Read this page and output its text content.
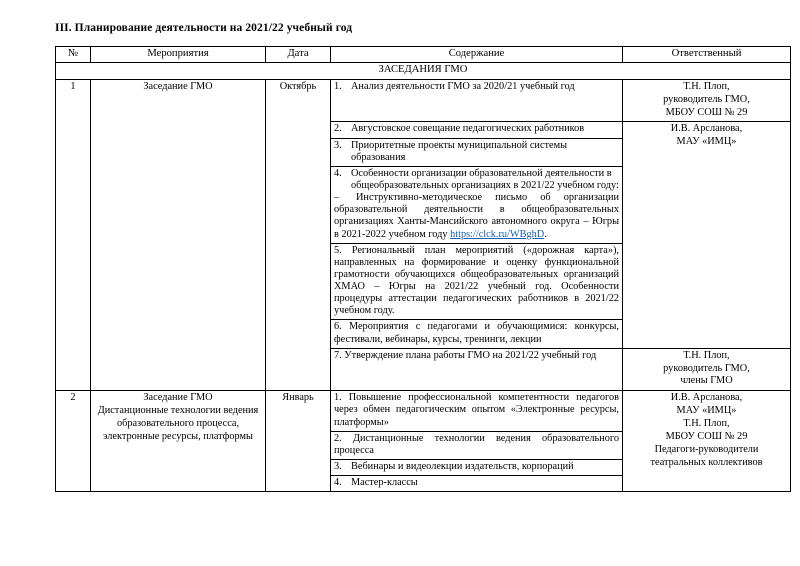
III. Планирование деятельности на 2021/22 учебный год
№	Мероприятия	Дата	Содержание	Ответственный
ЗАСЕДАНИЯ ГМО				
1	Заседание ГМО	Октябрь	1. Анализ деятельности ГМО за 2020/21 учебный год	Т.Н. Плоп,
руководитель ГМО,
МБОУ СОШ № 29

			2. Августовское совещание педагогических работников	И.В. Арсланова,
МАУ «ИМЦ»

			3. Приоритетные проекты муниципальной системы образования	

			4. Особенности организации образовательной деятельности в общеобразовательных организациях в 2021/22 учебном году:
– Инструктивно-методическое письмо об организации образовательной деятельности в общеобразовательных организациях Ханты-Мансийского автономного округа – Югры в 2021-2022 учебном году https://clck.ru/WBghD.	

			5. Региональный план мероприятий («дорожная карта»), направленных на формирование и оценку функциональной грамотности обучающихся общеобразовательных организаций ХМАО – Югры на 2021/22 учебный год. Особенности процедуры аттестации педагогических работников в 2021/22 учебном году.	

			6. Мероприятия с педагогами и обучающимися: конкурсы, фестивали, вебинары, курсы, тренинги, лекции	

			7. Утверждение плана работы ГМО на 2021/22 учебный год	Т.Н. Плоп,
руководитель ГМО,
члены ГМО
2	Заседание ГМО
Дистанционные технологии ведения образовательного процесса, электронные ресурсы, платформы	Январь	1. Повышение профессиональной компетентности педагогов через обмен педагогическим опытом «Электронные ресурсы, платформы»	И.В. Арсланова,
МАУ «ИМЦ»
Т.Н. Плоп,
МБОУ СОШ № 29
Педагоги-руководители театральных коллективов

			2. Дистанционные технологии ведения образовательного процесса	

			3. Вебинары и видеолекции издательств, корпораций	

			4. Мастер-классы	
